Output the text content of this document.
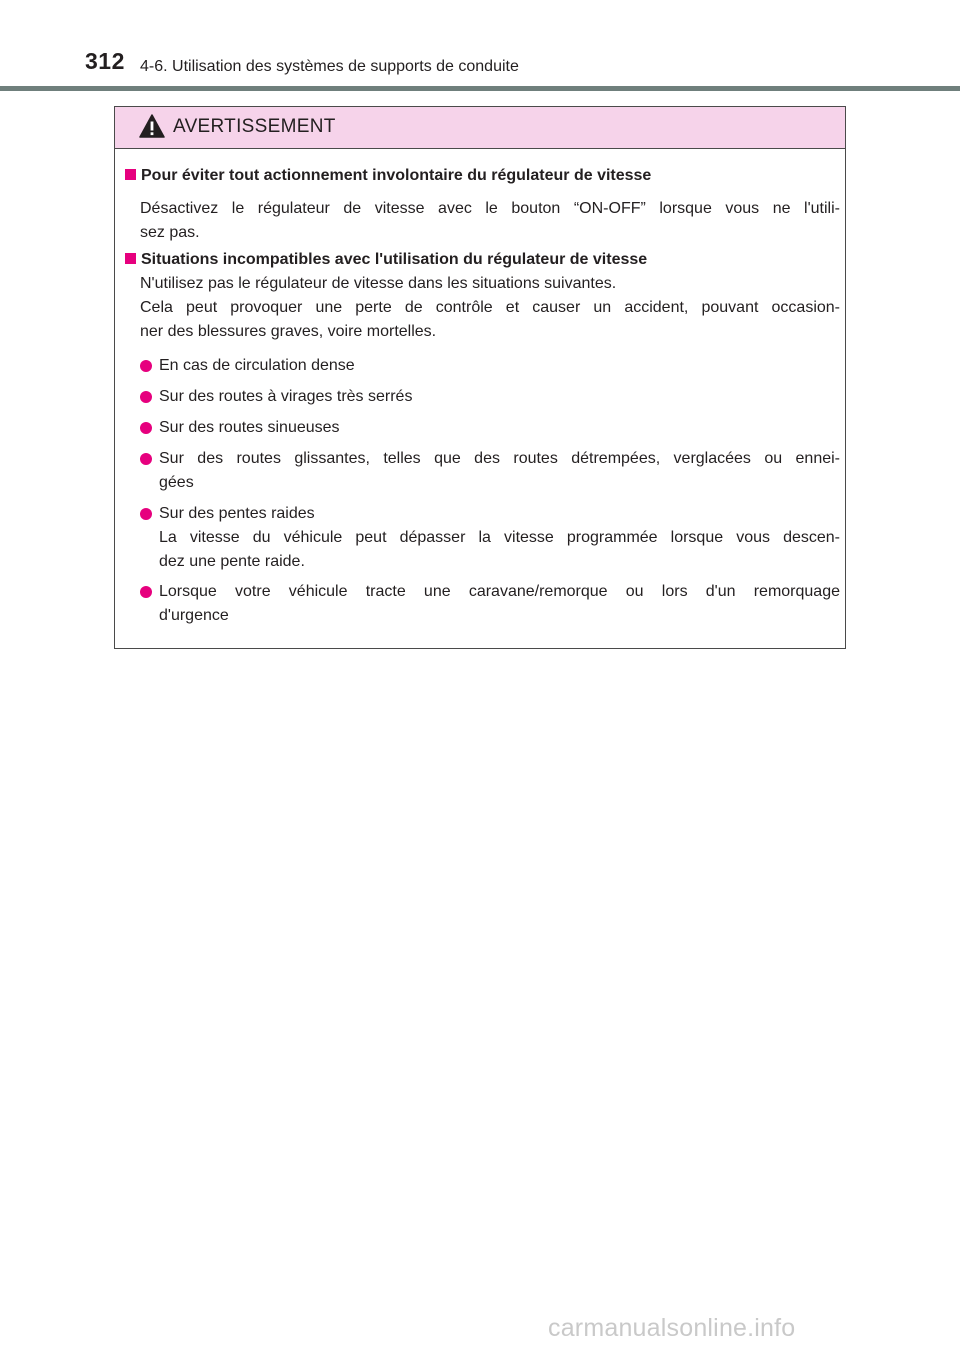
312 4-6. Utilisation des systèmes de supports de conduite
AVERTISSEMENT
Pour éviter tout actionnement involontaire du régulateur de vitesse
Désactivez le régulateur de vitesse avec le bouton “ON-OFF” lorsque vous ne l'utili-
sez pas.
Situations incompatibles avec l'utilisation du régulateur de vitesse
N'utilisez pas le régulateur de vitesse dans les situations suivantes.
Cela peut provoquer une perte de contrôle et causer un accident, pouvant occasion-
ner des blessures graves, voire mortelles.
En cas de circulation dense
Sur des routes à virages très serrés
Sur des routes sinueuses
Sur des routes glissantes, telles que des routes détrempées, verglacées ou ennei-
gées
Sur des pentes raides
La vitesse du véhicule peut dépasser la vitesse programmée lorsque vous descen-
dez une pente raide.
Lorsque votre véhicule tracte une caravane/remorque ou lors d'un remorquage
d'urgence
carmanualsonline.info
